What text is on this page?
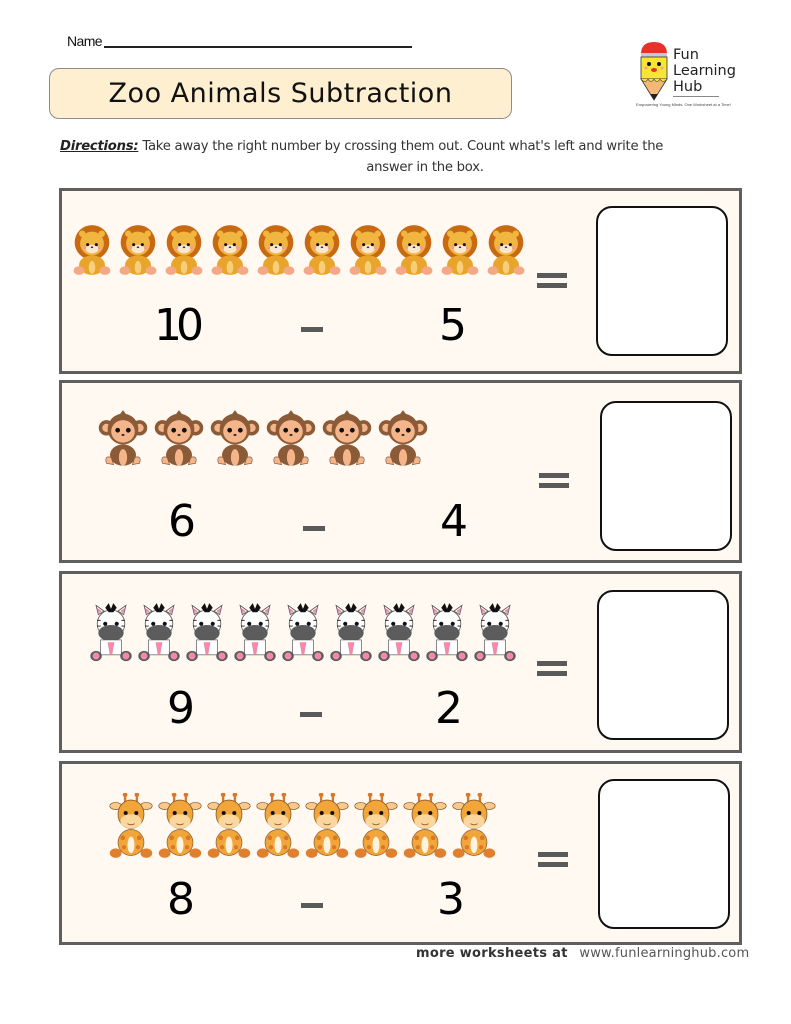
Name
Zoo Animals Subtraction
Fun
Learning
Hub
Empowering Young Minds, One Worksheet at a Time!
Directions: Take away the right number by crossing them out. Count what's left and write the
answer in the box.
10	5
6	4
9	2
8	3
more worksheets at www.funlearninghub.com
